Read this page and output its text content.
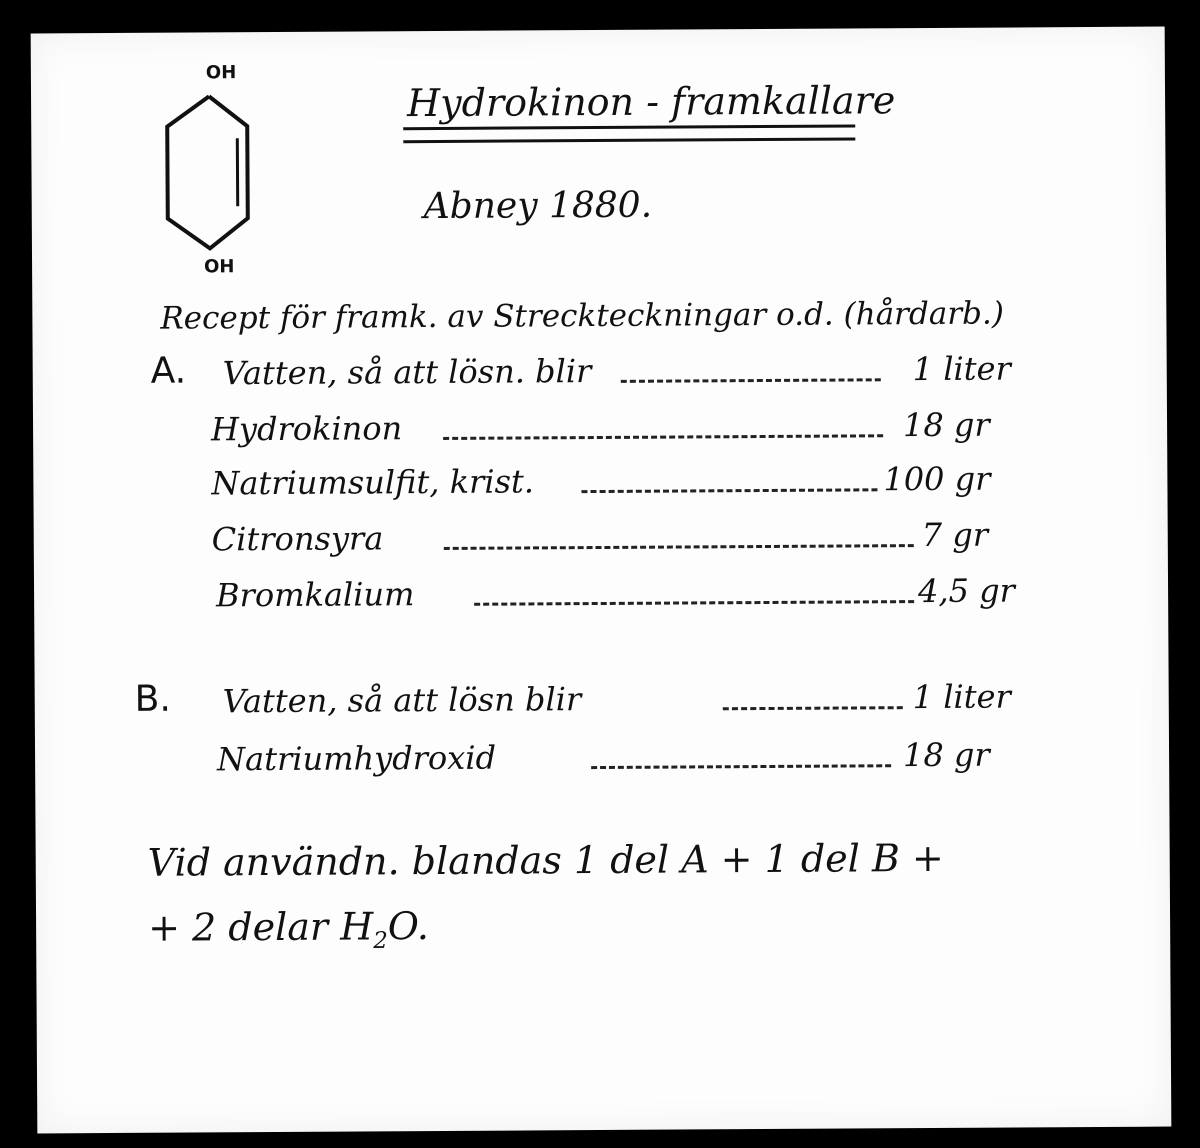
OH
OH
Hydrokinon - framkallare
Abney 1880.
Recept för framk. av Streckteckningar o.d. (hårdarb.)
A. Vatten, så att lösn. blir	1 liter
Hydrokinon	18 gr
Natriumsulfit, krist.	100 gr
Citronsyra	7 gr
Bromkalium	4,5 gr
B. Vatten, så att lösn blir	1 liter
Natriumhydroxid	18 gr
Vid användn. blandas 1 del A + 1 del B +
+ 2 delar $H_2O$.
